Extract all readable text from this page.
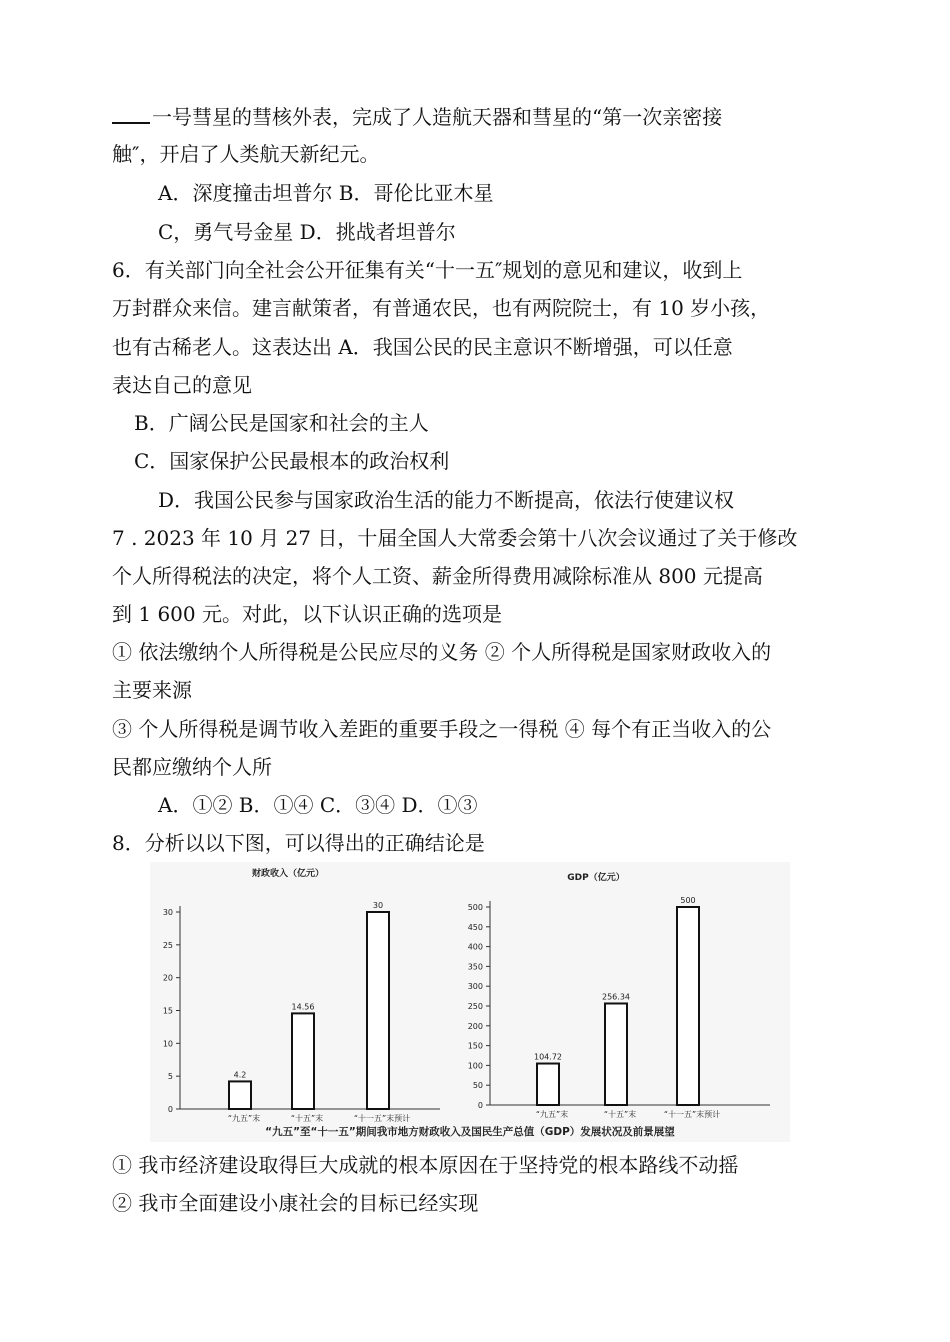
一号彗星的彗核外表，完成了人造航天器和彗星的“第一次亲密接
触″，开启了人类航天新纪元。
A．深度撞击坦普尔 B．哥伦比亚木星
C，勇气号金星 D．挑战者坦普尔
6．有关部门向全社会公开征集有关“十一五″规划的意见和建议，收到上
万封群众来信。建言献策者，有普通农民，也有两院院士，有 10 岁小孩，
也有古稀老人。这表达出 A．我国公民的民主意识不断增强，可以任意
表达自己的意见
B．广阔公民是国家和社会的主人
C．国家保护公民最根本的政治权利
D．我国公民参与国家政治生活的能力不断提高，依法行使建议权
7 . 2023 年 10 月 27 日，十届全国人大常委会第十八次会议通过了关于修改
个人所得税法的决定，将个人工资、薪金所得费用减除标准从 800 元提高
到 1 600 元。对此，以下认识正确的选项是
① 依法缴纳个人所得税是公民应尽的义务 ② 个人所得税是国家财政收入的
主要来源
③ 个人所得税是调节收入差距的重要手段之一得税 ④ 每个有正当收入的公
民都应缴纳个人所
A．①② B．①④ C．③④ D．①③
8．分析以以下图，可以得出的正确结论是
① 我市经济建设取得巨大成就的根本原因在于坚持党的根本路线不动摇
② 我市全面建设小康社会的目标已经实现
“九五”至“十一五”期间我市地方财政收入及国民生产总值（GDP）发展状况及前景展望
财政收入（亿元）
0
5
10
15
20
25
30
4.2
“九五”末
14.56
“十五”末
30
“十一五”末预计
GDP（亿元）
0
50
100
150
200
250
300
350
400
450
500
104.72
“九五”末
256.34
“十五”末
500
“十一五”末预计
